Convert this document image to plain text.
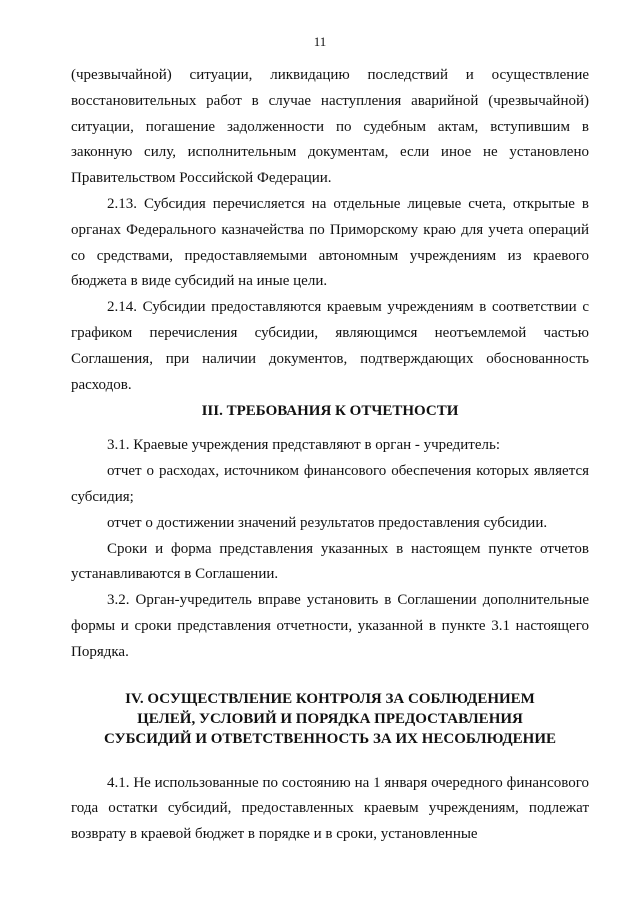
11

(чрезвычайной) ситуации, ликвидацию последствий и осуществление восстановительных работ в случае наступления аварийной (чрезвычайной) ситуации, погашение задолженности по судебным актам, вступившим в законную силу, исполнительным документам, если иное не установлено Правительством Российской Федерации.

2.13. Субсидия перечисляется на отдельные лицевые счета, открытые в органах Федерального казначейства по Приморскому краю для учета операций со средствами, предоставляемыми автономным учреждениям из краевого бюджета в виде субсидий на иные цели.

2.14. Субсидии предоставляются краевым учреждениям в соответствии с графиком перечисления субсидии, являющимся неотъемлемой частью Соглашения, при наличии документов, подтверждающих обоснованность расходов.

III. ТРЕБОВАНИЯ К ОТЧЕТНОСТИ

3.1. Краевые учреждения представляют в орган - учредитель:

отчет о расходах, источником финансового обеспечения которых является субсидия;

отчет о достижении значений результатов предоставления субсидии.

Сроки и форма представления указанных в настоящем пункте отчетов устанавливаются в Соглашении.

3.2. Орган-учредитель вправе установить в Соглашении дополнительные формы и сроки представления отчетности, указанной в пункте 3.1 настоящего Порядка.

IV. ОСУЩЕСТВЛЕНИЕ КОНТРОЛЯ ЗА СОБЛЮДЕНИЕМ
ЦЕЛЕЙ, УСЛОВИЙ И ПОРЯДКА ПРЕДОСТАВЛЕНИЯ
СУБСИДИЙ И ОТВЕТСТВЕННОСТЬ ЗА ИХ НЕСОБЛЮДЕНИЕ

4.1. Не использованные по состоянию на 1 января очередного финансового года остатки субсидий, предоставленных краевым учреждениям, подлежат возврату в краевой бюджет в порядке и в сроки, установленные
